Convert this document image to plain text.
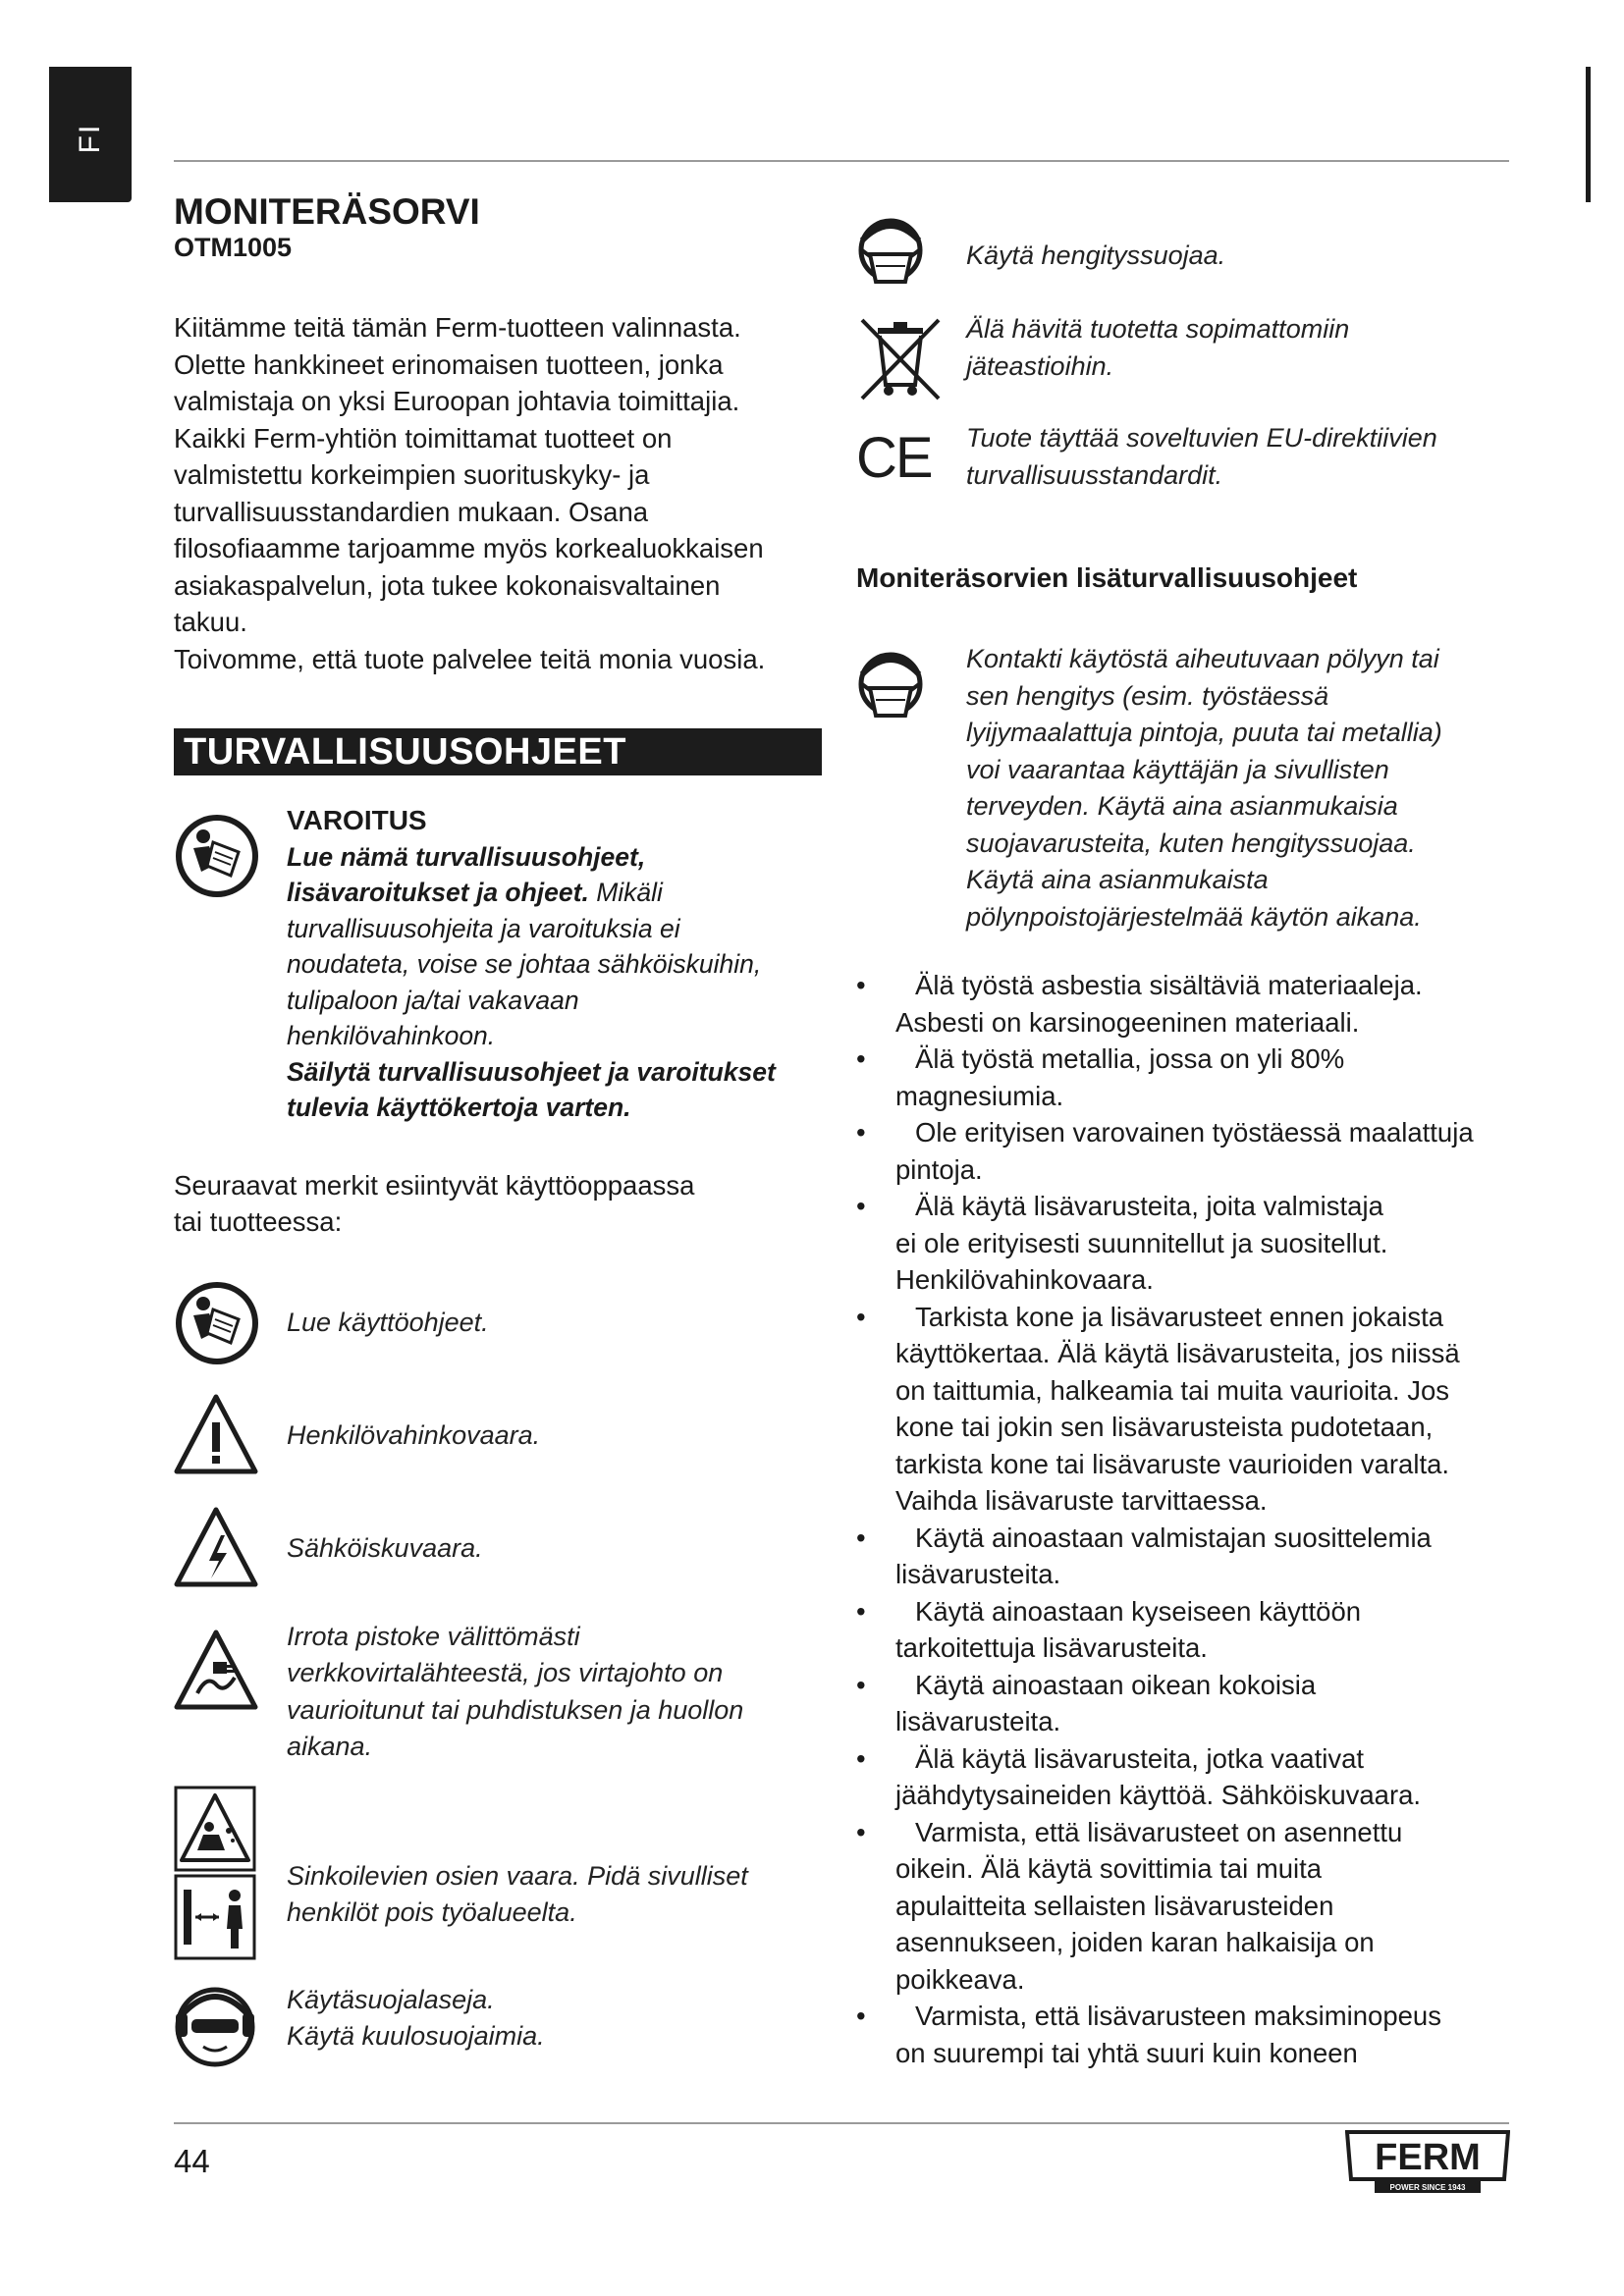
FI
MONITERÄSORVI
OTM1005

Kiitämme teitä tämän Ferm-tuotteen valinnasta.

Olette hankkineet erinomaisen tuotteen, jonka

valmistaja on yksi Euroopan johtavia toimittajia.

Kaikki Ferm-yhtiön toimittamat tuotteet on

valmistettu korkeimpien suorituskyky- ja

turvallisuusstandardien mukaan. Osana

filosofiaamme tarjoamme myös korkealuokkaisen

asiakaspalvelun, jota tukee kokonaisvaltainen

takuu.

Toivomme, että tuote palvelee teitä monia vuosia.

TURVALLISUUSOHJEET
VAROITUS
Lue nämä turvallisuusohjeet,
lisävaroitukset ja ohjeet. Mikäli
turvallisuusohjeita ja varoituksia ei
noudateta, voise se johtaa sähköiskuihin,
tulipaloon ja/tai vakavaan
henkilövahinkoon.
Säilytä turvallisuusohjeet ja varoitukset
tulevia käyttökertoja varten.
Seuraavat merkit esiintyvät käyttöoppaassa
tai tuotteessa:
Lue käyttöohjeet.
Henkilövahinkovaara.
Sähköiskuvaara.
Irrota pistoke välittömästi
verkkovirtalähteestä, jos virtajohto on
vaurioitunut tai puhdistuksen ja huollon
aikana.
Sinkoilevien osien vaara. Pidä sivulliset
henkilöt pois työalueelta.
Käytäsuojalaseja.
Käytä kuulosuojaimia.
Käytä hengityssuojaa.
Älä hävitä tuotetta sopimattomiin
jäteastioihin.
CE Tuote täyttää soveltuvien EU-direktiivien
turvallisuusstandardit.
Moniteräsorvien lisäturvallisuusohjeet
Kontakti käytöstä aiheutuvaan pölyyn tai
sen hengitys (esim. työstäessä
lyijymaalattuja pintoja, puuta tai metallia)
voi vaarantaa käyttäjän ja sivullisten
terveyden. Käytä aina asianmukaisia
suojavarusteita, kuten hengityssuojaa.
Käytä aina asianmukaista
pölynpoistojärjestelmää käytön aikana.
• Älä työstä asbestia sisältäviä materiaaleja.
Asbesti on karsinogeeninen materiaali.
• Älä työstä metallia, jossa on yli 80%
magnesiumia.
• Ole erityisen varovainen työstäessä maalattuja
pintoja.
• Älä käytä lisävarusteita, joita valmistaja
ei ole erityisesti suunnitellut ja suositellut.
Henkilövahinkovaara.
• Tarkista kone ja lisävarusteet ennen jokaista
käyttökertaa. Älä käytä lisävarusteita, jos niissä
on taittumia, halkeamia tai muita vaurioita. Jos
kone tai jokin sen lisävarusteista pudotetaan,
tarkista kone tai lisävaruste vaurioiden varalta.
Vaihda lisävaruste tarvittaessa.
• Käytä ainoastaan valmistajan suosittelemia
lisävarusteita.
• Käytä ainoastaan kyseiseen käyttöön
tarkoitettuja lisävarusteita.
• Käytä ainoastaan oikean kokoisia
lisävarusteita.
• Älä käytä lisävarusteita, jotka vaativat
jäähdytysaineiden käyttöä. Sähköiskuvaara.
• Varmista, että lisävarusteet on asennettu
oikein. Älä käytä sovittimia tai muita
apulaitteita sellaisten lisävarusteiden
asennukseen, joiden karan halkaisija on
poikkeava.
• Varmista, että lisävarusteen maksiminopeus
on suurempi tai yhtä suuri kuin koneen
44	FERM
POWER SINCE 1943
